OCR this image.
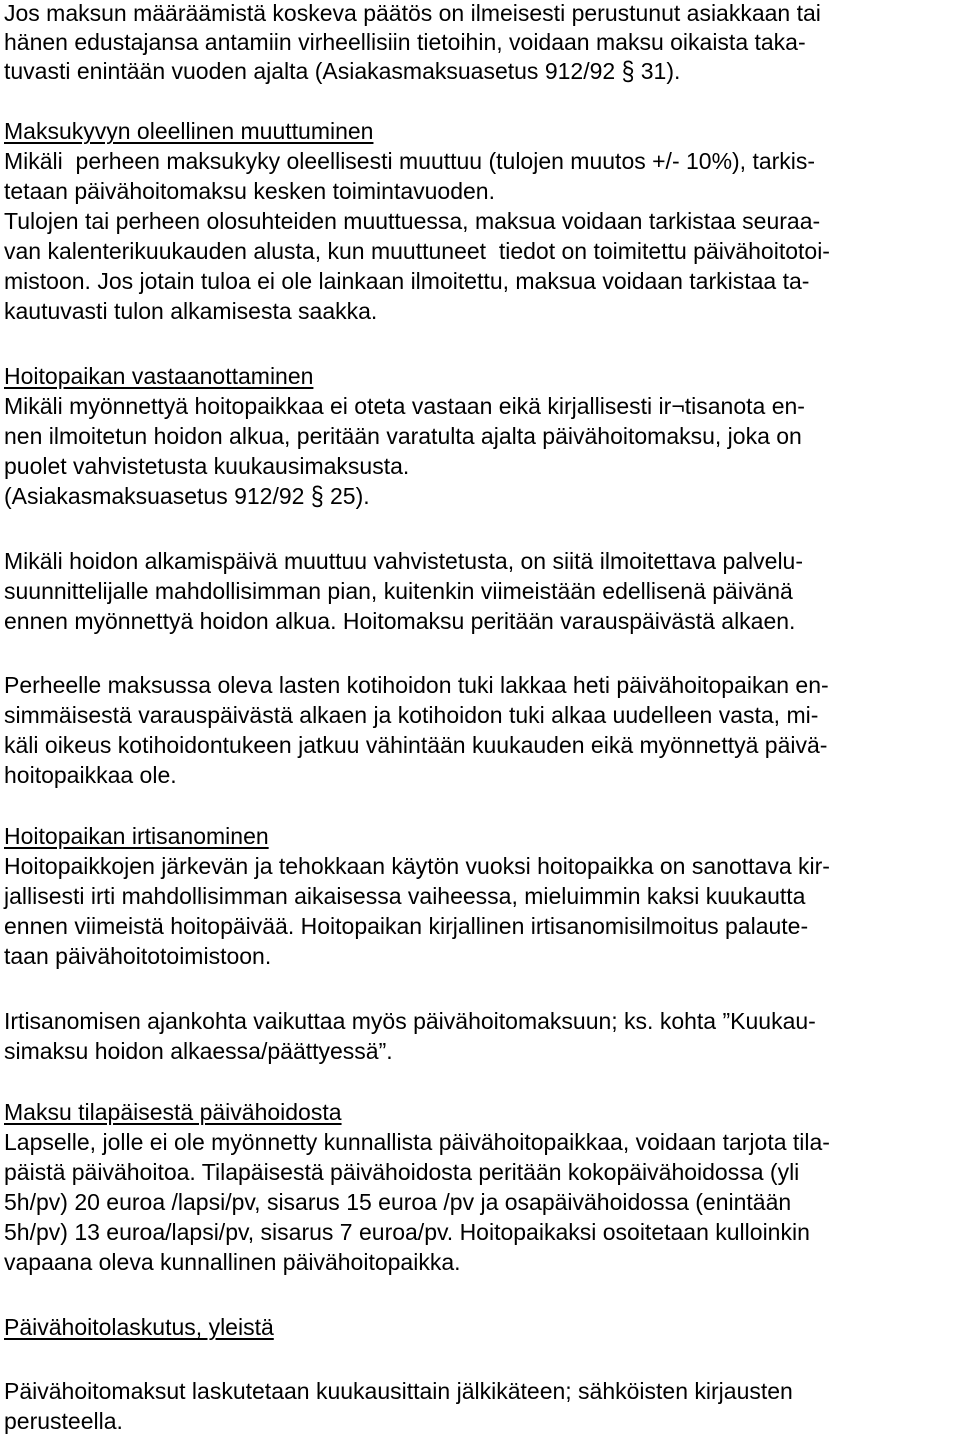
Jos maksun määräämistä koskeva päätös on ilmeisesti perustunut asiakkaan tai

hänen edustajansa antamiin virheellisiin tietoihin, voidaan maksu oikaista taka-

tuvasti enintään vuoden ajalta (Asiakasmaksuasetus 912/92 § 31).

Maksukyvyn oleellinen muuttuminen

Mikäli  perheen maksukyky oleellisesti muuttuu (tulojen muutos +/- 10%), tarkis-

tetaan päivähoitomaksu kesken toimintavuoden.

Tulojen tai perheen olosuhteiden muuttuessa, maksua voidaan tarkistaa seuraa-

van kalenterikuukauden alusta, kun muuttuneet  tiedot on toimitettu päivähoitotoi-

mistoon. Jos jotain tuloa ei ole lainkaan ilmoitettu, maksua voidaan tarkistaa ta-

kautuvasti tulon alkamisesta saakka.

Hoitopaikan vastaanottaminen

Mikäli myönnettyä hoitopaikkaa ei oteta vastaan eikä kirjallisesti ir¬tisanota en-

nen ilmoitetun hoidon alkua, peritään varatulta ajalta päivähoitomaksu, joka on

puolet vahvistetusta kuukausimaksusta.

(Asiakasmaksuasetus 912/92 § 25).

Mikäli hoidon alkamispäivä muuttuu vahvistetusta, on siitä ilmoitettava palvelu-

suunnittelijalle mahdollisimman pian, kuitenkin viimeistään edellisenä päivänä

ennen myönnettyä hoidon alkua. Hoitomaksu peritään varauspäivästä alkaen.

Perheelle maksussa oleva lasten kotihoidon tuki lakkaa heti päivähoitopaikan en-

simmäisestä varauspäivästä alkaen ja kotihoidon tuki alkaa uudelleen vasta, mi-

käli oikeus kotihoidontukeen jatkuu vähintään kuukauden eikä myönnettyä päivä-

hoitopaikkaa ole.

Hoitopaikan irtisanominen

Hoitopaikkojen järkevän ja tehokkaan käytön vuoksi hoitopaikka on sanottava kir-

jallisesti irti mahdollisimman aikaisessa vaiheessa, mieluimmin kaksi kuukautta

ennen viimeistä hoitopäivää. Hoitopaikan kirjallinen irtisanomisilmoitus palaute-

taan päivähoitotoimistoon.

Irtisanomisen ajankohta vaikuttaa myös päivähoitomaksuun; ks. kohta ”Kuukau-

simaksu hoidon alkaessa/päättyessä”.

Maksu tilapäisestä päivähoidosta

Lapselle, jolle ei ole myönnetty kunnallista päivähoitopaikkaa, voidaan tarjota tila-

päistä päivähoitoa. Tilapäisestä päivähoidosta peritään kokopäivähoidossa (yli

5h/pv) 20 euroa /lapsi/pv, sisarus 15 euroa /pv ja osapäivähoidossa (enintään

5h/pv) 13 euroa/lapsi/pv, sisarus 7 euroa/pv. Hoitopaikaksi osoitetaan kulloinkin

vapaana oleva kunnallinen päivähoitopaikka.

Päivähoitolaskutus, yleistä

Päivähoitomaksut laskutetaan kuukausittain jälkikäteen; sähköisten kirjausten

perusteella.
